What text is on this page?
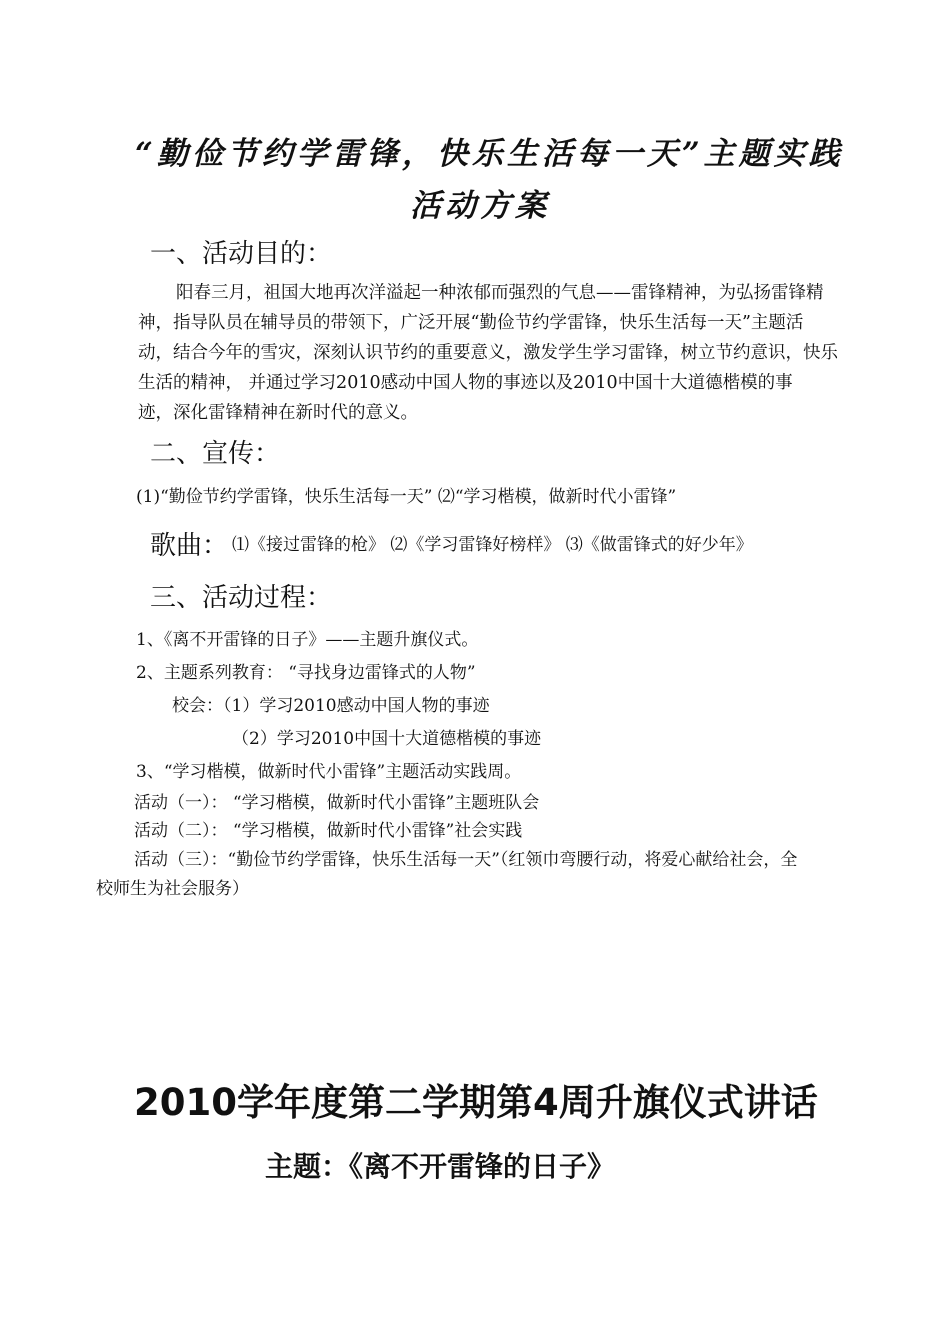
“勤俭节约学雷锋，快乐生活每一天”主题实践
活动方案
一、活动目的：
阳春三月，祖国大地再次洋溢起一种浓郁而强烈的气息——雷锋精神，为弘扬雷锋精
神，指导队员在辅导员的带领下，广泛开展“勤俭节约学雷锋，快乐生活每一天”主题活
动，结合今年的雪灾，深刻认识节约的重要意义，激发学生学习雷锋，树立节约意识，快乐
生活的精神， 并通过学习2010感动中国人物的事迹以及2010中国十大道德楷模的事
迹，深化雷锋精神在新时代的意义。
二、宣传：
(1)“勤俭节约学雷锋，快乐生活每一天” ⑵“学习楷模，做新时代小雷锋”
歌曲： ⑴《接过雷锋的枪》 ⑵《学习雷锋好榜样》 ⑶《做雷锋式的好少年》
三、活动过程：
1、《离不开雷锋的日子》——主题升旗仪式。
2、主题系列教育： “寻找身边雷锋式的人物”
校会：（1）学习2010感动中国人物的事迹
（2）学习2010中国十大道德楷模的事迹
3、“学习楷模，做新时代小雷锋”主题活动实践周。
活动（一）： “学习楷模，做新时代小雷锋”主题班队会
活动（二）： “学习楷模，做新时代小雷锋”社会实践
活动（三）：“勤俭节约学雷锋，快乐生活每一天”（红领巾弯腰行动，将爱心献给社会，全
校师生为社会服务）
2010学年度第二学期第4周升旗仪式讲话
主题：《离不开雷锋的日子》
